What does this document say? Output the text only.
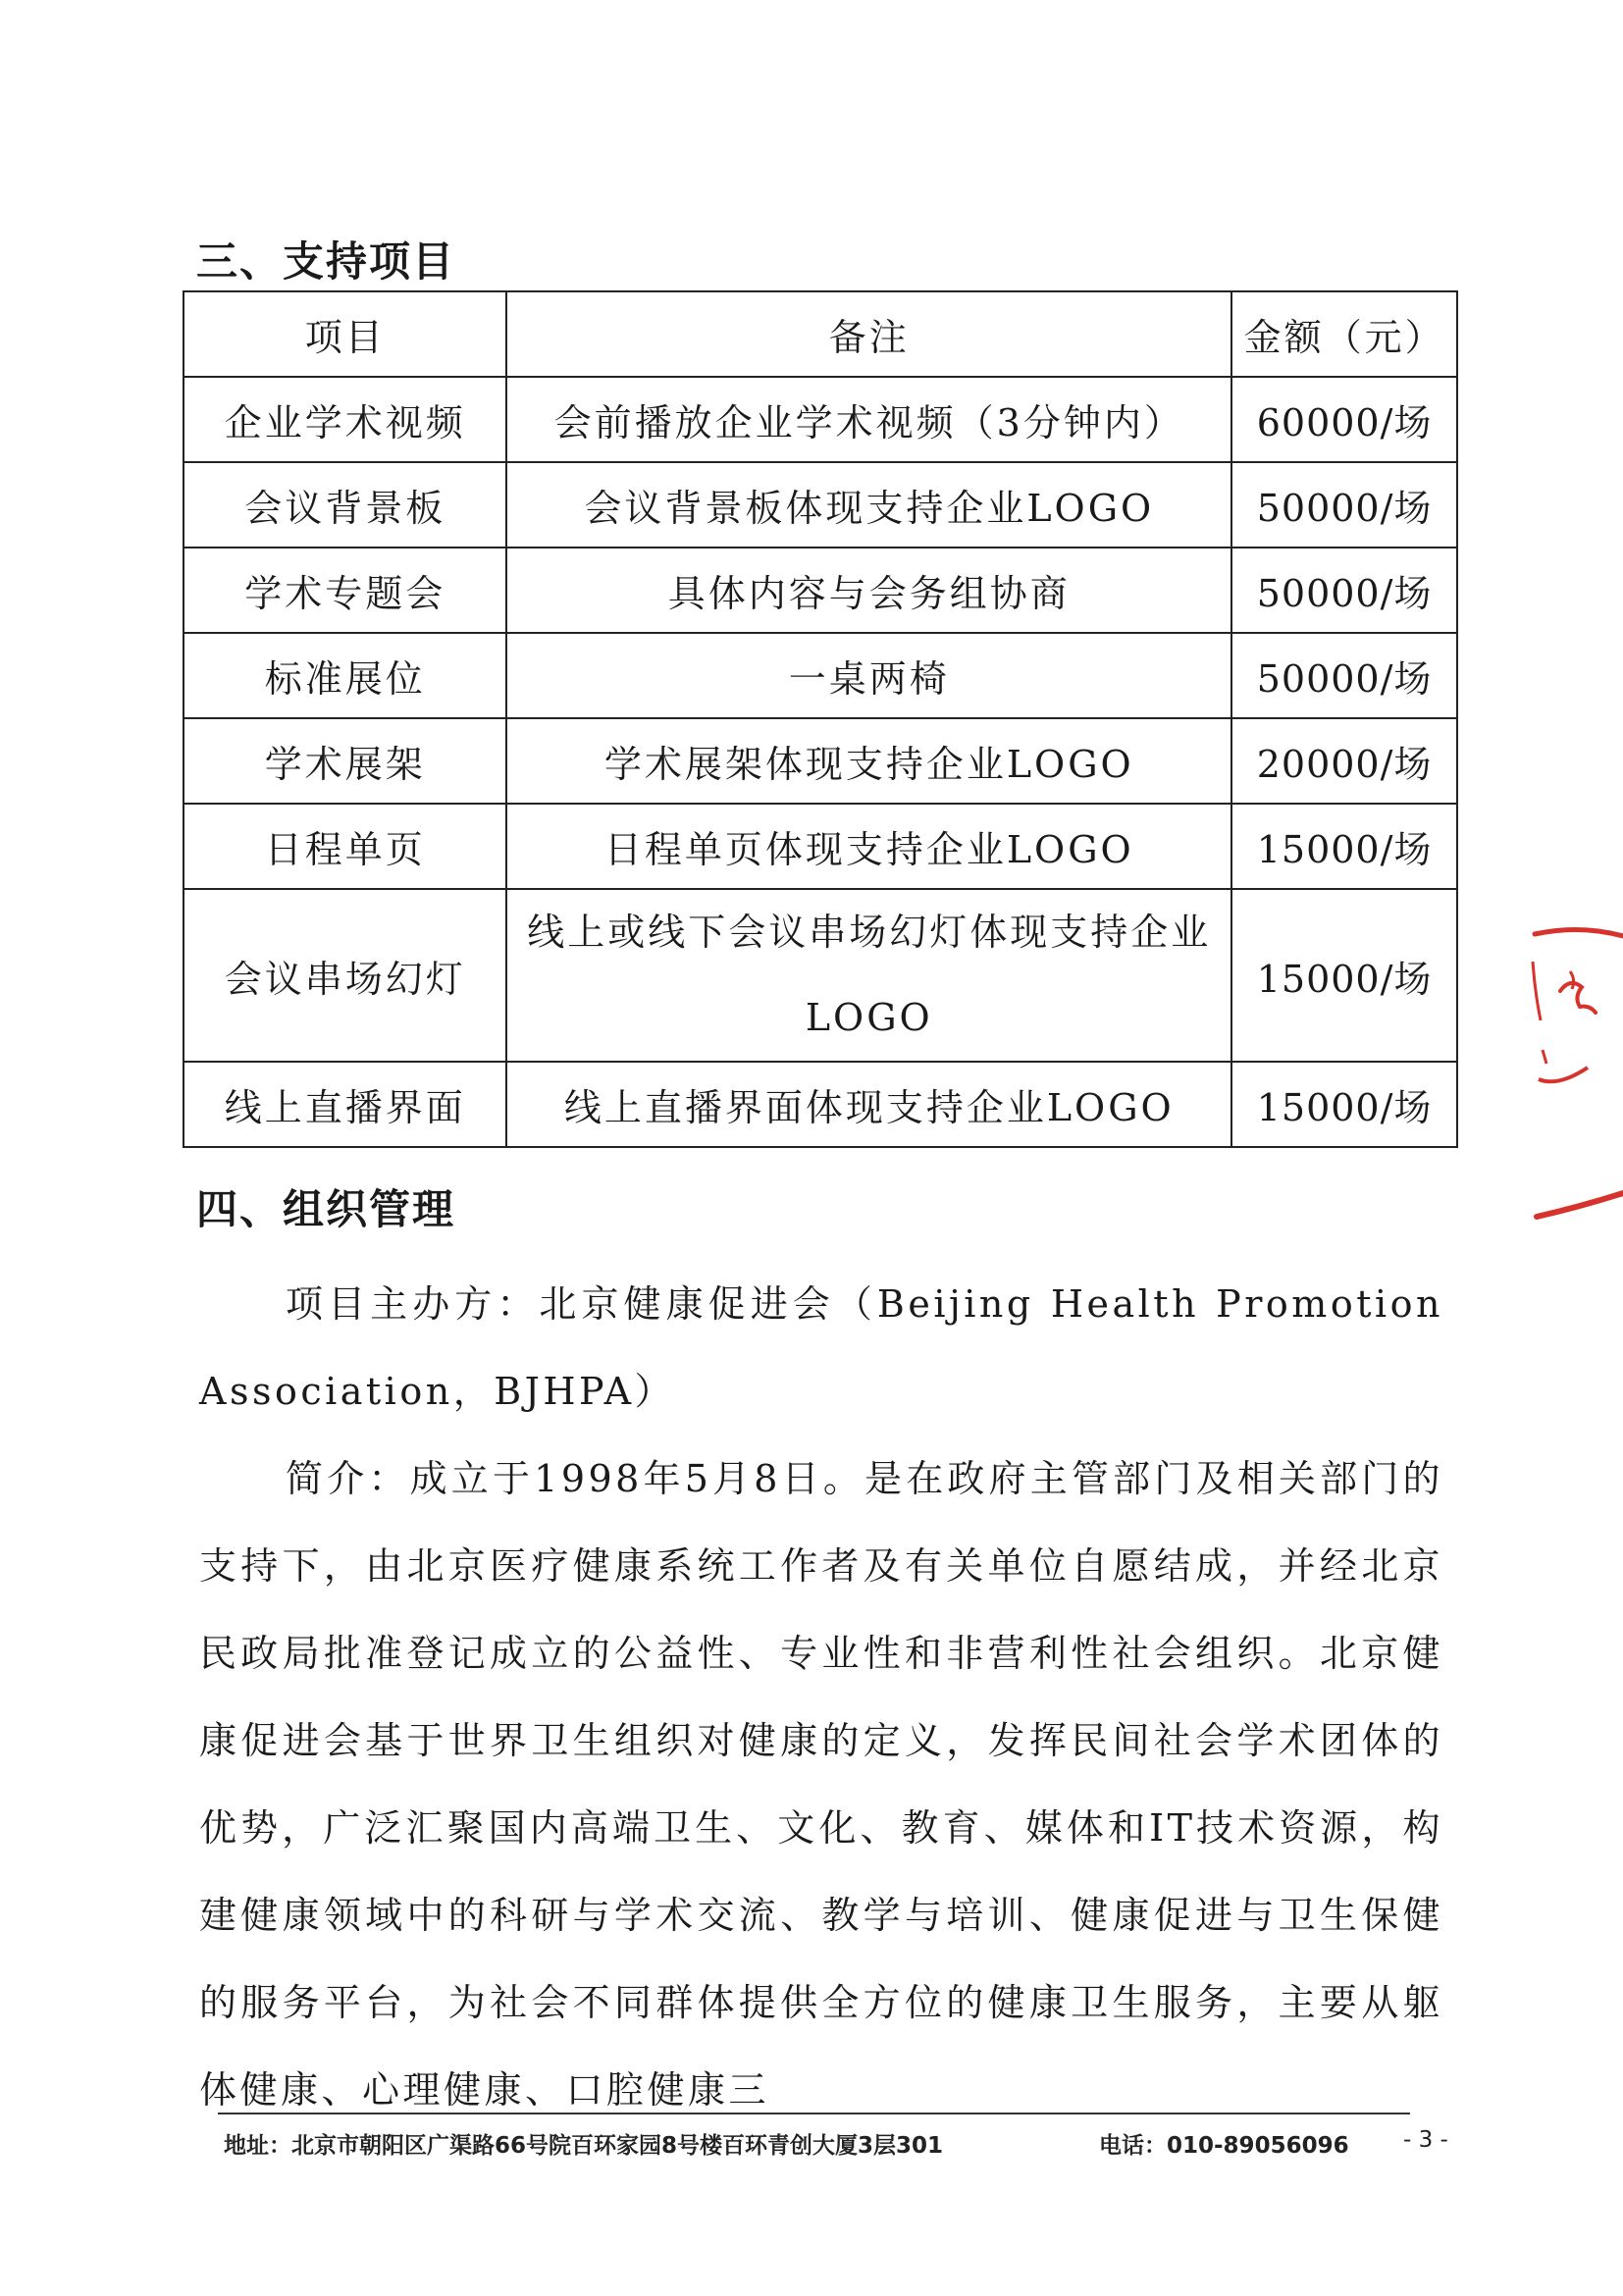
三、支持项目
项目	备注	金额（元）
企业学术视频	会前播放企业学术视频（3分钟内）	60000/场
会议背景板	会议背景板体现支持企业LOGO	50000/场
学术专题会	具体内容与会务组协商	50000/场
标准展位	一桌两椅	50000/场
学术展架	学术展架体现支持企业LOGO	20000/场
日程单页	日程单页体现支持企业LOGO	15000/场
会议串场幻灯	线上或线下会议串场幻灯体现支持企业LOGO	15000/场
线上直播界面	线上直播界面体现支持企业LOGO	15000/场
四、组织管理

项目主办方：北京健康促进会（Beijing Health Promotion Association，BJHPA）

简介：成立于1998年5月8日。是在政府主管部门及相关部门的支持下，由北京医疗健康系统工作者及有关单位自愿结成，并经北京民政局批准登记成立的公益性、专业性和非营利性社会组织。北京健康促进会基于世界卫生组织对健康的定义，发挥民间社会学术团体的优势，广泛汇聚国内高端卫生、文化、教育、媒体和IT技术资源，构建健康领域中的科研与学术交流、教学与培训、健康促进与卫生保健的服务平台，为社会不同群体提供全方位的健康卫生服务，主要从躯体健康、心理健康、口腔健康三

地址：北京市朝阳区广渠路66号院百环家园8号楼百环青创大厦3层301	电话：010-89056096 - 3 -
